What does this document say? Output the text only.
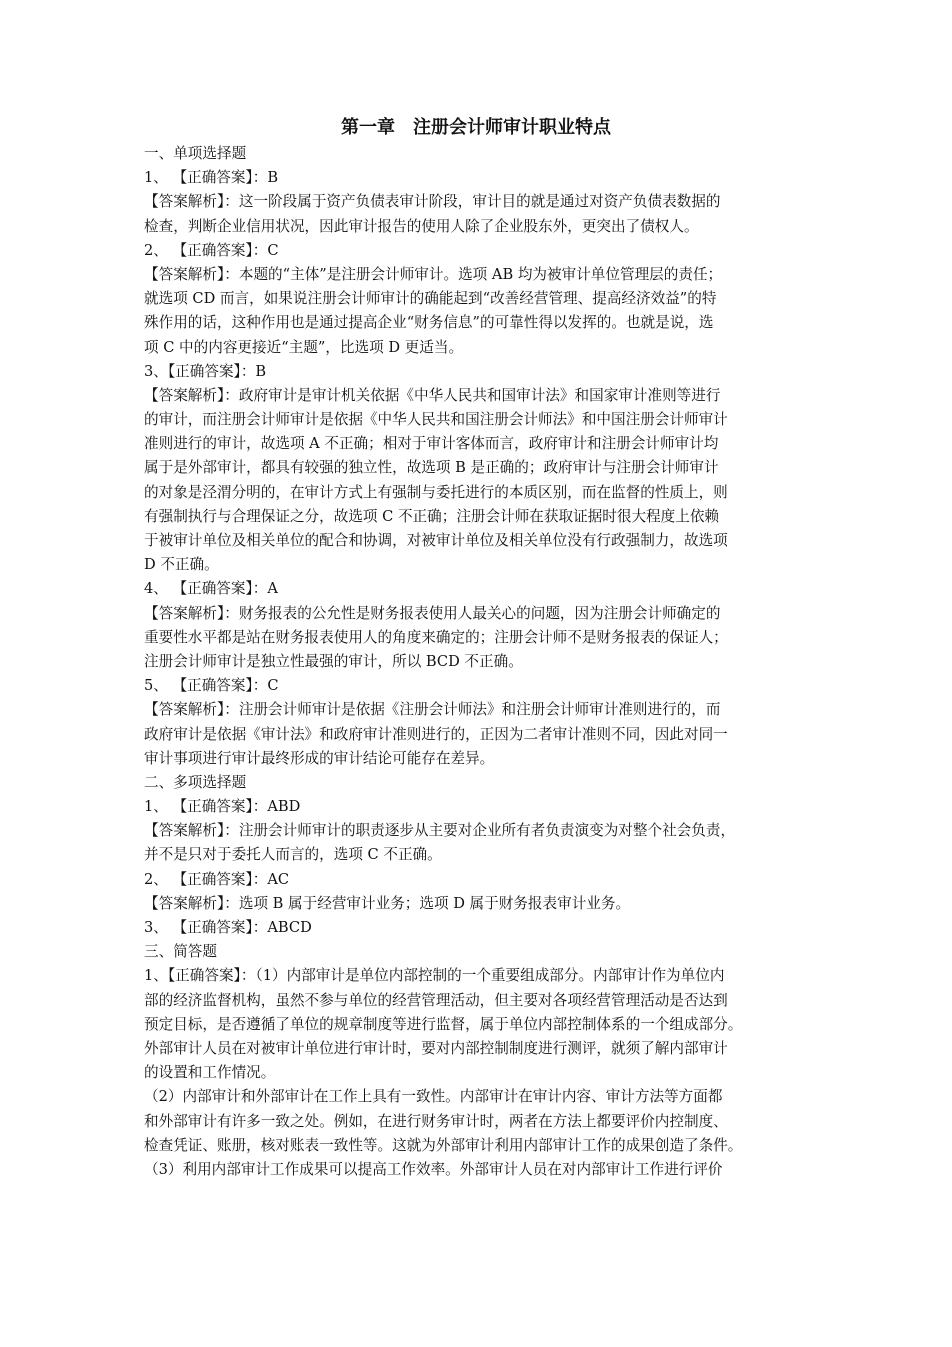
第一章　注册会计师审计职业特点
一、单项选择题
1、 【正确答案】：B
【答案解析】：这一阶段属于资产负债表审计阶段，审计目的就是通过对资产负债表数据的
检查，判断企业信用状况，因此审计报告的使用人除了企业股东外，更突出了债权人。
2、 【正确答案】：C
【答案解析】：本题的“主体”是注册会计师审计。选项 AB 均为被审计单位管理层的责任；
就选项 CD 而言，如果说注册会计师审计的确能起到“改善经营管理、提高经济效益”的特
殊作用的话，这种作用也是通过提高企业“财务信息”的可靠性得以发挥的。也就是说，选
项 C 中的内容更接近“主题”，比选项 D 更适当。
3、【正确答案】：B
【答案解析】：政府审计是审计机关依据《中华人民共和国审计法》和国家审计准则等进行
的审计，而注册会计师审计是依据《中华人民共和国注册会计师法》和中国注册会计师审计
准则进行的审计，故选项 A 不正确；相对于审计客体而言，政府审计和注册会计师审计均
属于是外部审计，都具有较强的独立性，故选项 B 是正确的；政府审计与注册会计师审计
的对象是泾渭分明的，在审计方式上有强制与委托进行的本质区别，而在监督的性质上，则
有强制执行与合理保证之分，故选项 C 不正确；注册会计师在获取证据时很大程度上依赖
于被审计单位及相关单位的配合和协调，对被审计单位及相关单位没有行政强制力，故选项
D 不正确。
4、 【正确答案】：A
【答案解析】：财务报表的公允性是财务报表使用人最关心的问题，因为注册会计师确定的
重要性水平都是站在财务报表使用人的角度来确定的；注册会计师不是财务报表的保证人；
注册会计师审计是独立性最强的审计，所以 BCD 不正确。
5、 【正确答案】：C
【答案解析】：注册会计师审计是依据《注册会计师法》和注册会计师审计准则进行的，而
政府审计是依据《审计法》和政府审计准则进行的，正因为二者审计准则不同，因此对同一
审计事项进行审计最终形成的审计结论可能存在差异。
二、多项选择题
1、 【正确答案】：ABD
【答案解析】：注册会计师审计的职责逐步从主要对企业所有者负责演变为对整个社会负责，
并不是只对于委托人而言的，选项 C 不正确。
2、 【正确答案】：AC
【答案解析】：选项 B 属于经营审计业务；选项 D 属于财务报表审计业务。
3、 【正确答案】：ABCD
三、简答题
1、【正确答案】：（1）内部审计是单位内部控制的一个重要组成部分。内部审计作为单位内
部的经济监督机构，虽然不参与单位的经营管理活动，但主要对各项经营管理活动是否达到
预定目标，是否遵循了单位的规章制度等进行监督，属于单位内部控制体系的一个组成部分。
外部审计人员在对被审计单位进行审计时，要对内部控制制度进行测评，就须了解内部审计
的设置和工作情况。
（2）内部审计和外部审计在工作上具有一致性。内部审计在审计内容、审计方法等方面都
和外部审计有许多一致之处。例如，在进行财务审计时，两者在方法上都要评价内控制度、
检查凭证、账册，核对账表一致性等。这就为外部审计利用内部审计工作的成果创造了条件。
（3）利用内部审计工作成果可以提高工作效率。外部审计人员在对内部审计工作进行评价
